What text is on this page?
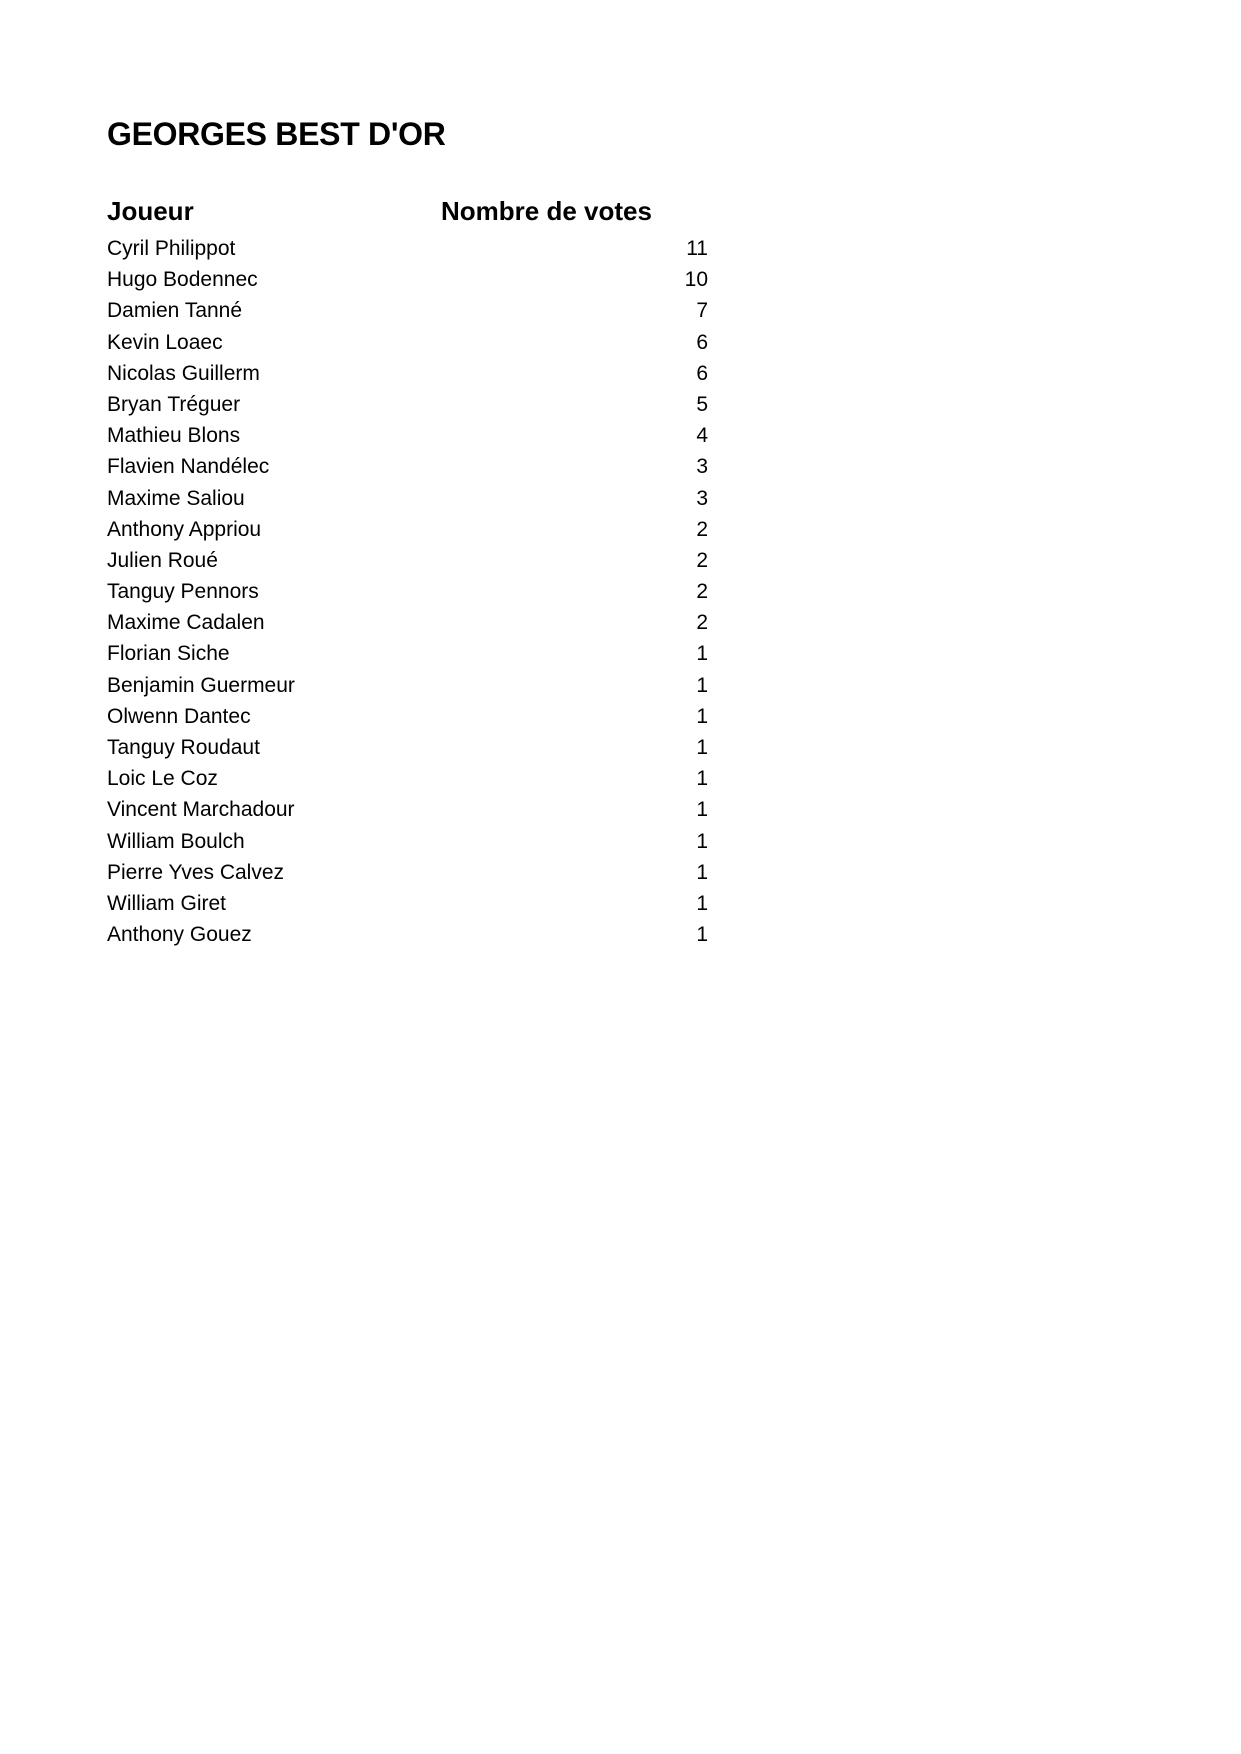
GEORGES BEST D'OR
Joueur	Nombre de votes
Cyril Philippot	11
Hugo Bodennec	10
Damien Tanné	7
Kevin Loaec	6
Nicolas Guillerm	6
Bryan Tréguer	5
Mathieu Blons	4
Flavien Nandélec	3
Maxime Saliou	3
Anthony Appriou	2
Julien Roué	2
Tanguy Pennors	2
Maxime Cadalen	2
Florian Siche	1
Benjamin Guermeur	1
Olwenn Dantec	1
Tanguy Roudaut	1
Loic Le Coz	1
Vincent Marchadour	1
William Boulch	1
Pierre Yves Calvez	1
William Giret	1
Anthony Gouez	1
